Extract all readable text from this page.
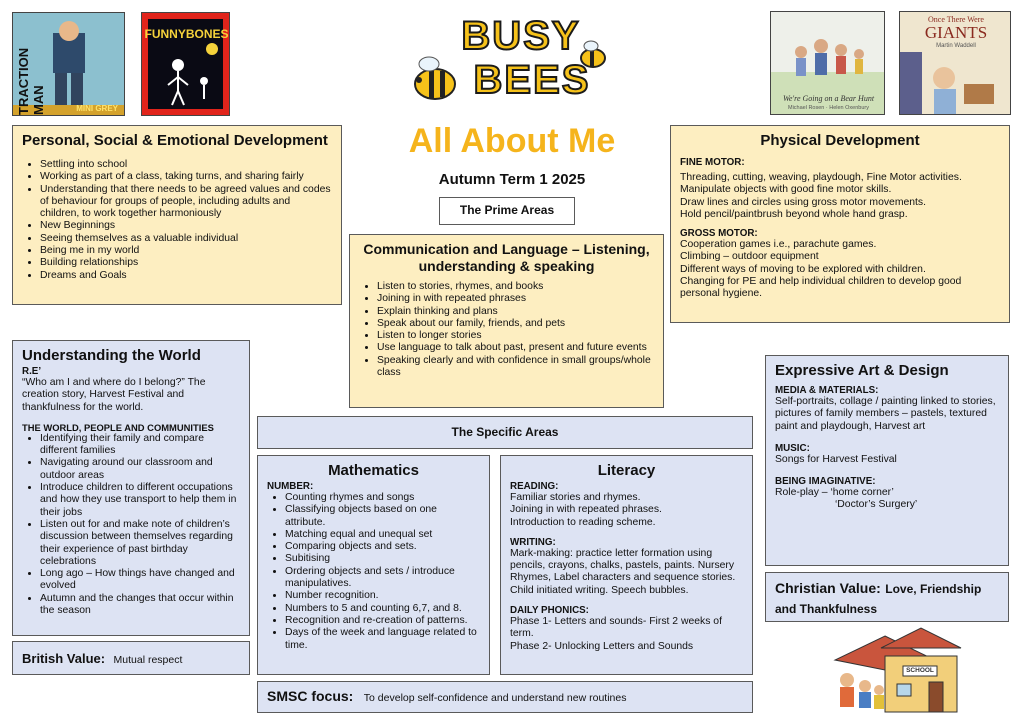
TRACTION MAN	MINI GREY
FUNNYBONES
We're Going on a Bear Hunt
Michael Rosen · Helen Oxenbury
Once There Were
GIANTS
Martin Waddell
BUSY
BEES
All About Me
Autumn Term 1 2025
The Prime Areas
Personal, Social & Emotional Development
• Settling into school
• Working as part of a class, taking turns, and sharing fairly
• Understanding that there needs to be agreed values and codes of behaviour for groups of people, including adults and children, to work together harmoniously
• New Beginnings
• Seeing themselves as a valuable individual
• Being me in my world
• Building relationships
• Dreams and Goals
Communication and Language – Listening, understanding & speaking
• Listen to stories, rhymes, and books
• Joining in with repeated phrases
• Explain thinking and plans
• Speak about our family, friends, and pets
• Listen to longer stories
• Use language to talk about past, present and future events
• Speaking clearly and with confidence in small groups/whole class
Physical Development
FINE MOTOR:
Threading, cutting, weaving, playdough, Fine Motor activities.
Manipulate objects with good fine motor skills.
Draw lines and circles using gross motor movements.
Hold pencil/paintbrush beyond whole hand grasp.
GROSS MOTOR:
Cooperation games i.e., parachute games.
Climbing – outdoor equipment
Different ways of moving to be explored with children.
Changing for PE and help individual children to develop good personal hygiene.
Understanding the World
R.E’
“Who am I and where do I belong?” The creation story, Harvest Festival and thankfulness for the world.
THE WORLD, PEOPLE AND COMMUNITIES
• Identifying their family and compare different families
• Navigating around our classroom and outdoor areas
• Introduce children to different occupations and how they use transport to help them in their jobs
• Listen out for and make note of children’s discussion between themselves regarding their experience of past birthday celebrations
• Long ago – How things have changed and evolved
• Autumn and the changes that occur within the season
British Value: Mutual respect
The Specific Areas
Mathematics
NUMBER:
• Counting rhymes and songs
• Classifying objects based on one attribute.
• Matching equal and unequal set
• Comparing objects and sets.
• Subitising
• Ordering objects and sets / introduce manipulatives.
• Number recognition.
• Numbers to 5 and counting 6,7, and 8.
• Recognition and re-creation of patterns.
• Days of the week and language related to time.
Literacy
READING:
Familiar stories and rhymes.
Joining in with repeated phrases.
Introduction to reading scheme.
WRITING:
Mark-making: practice letter formation using pencils, crayons, chalks, pastels, paints. Nursery Rhymes, Label characters and sequence stories. Child initiated writing. Speech bubbles.
DAILY PHONICS:
Phase 1- Letters and sounds- First 2 weeks of term.
Phase 2- Unlocking Letters and Sounds
SMSC focus: To develop self-confidence and understand new routines
Expressive Art & Design
MEDIA & MATERIALS:
Self-portraits, collage / painting linked to stories, pictures of family members – pastels, textured paint and playdough, Harvest art
MUSIC:
Songs for Harvest Festival
BEING IMAGINATIVE:
Role-play – ‘home corner’
‘Doctor’s Surgery’
Christian Value: Love, Friendship and Thankfulness
SCHOOL
